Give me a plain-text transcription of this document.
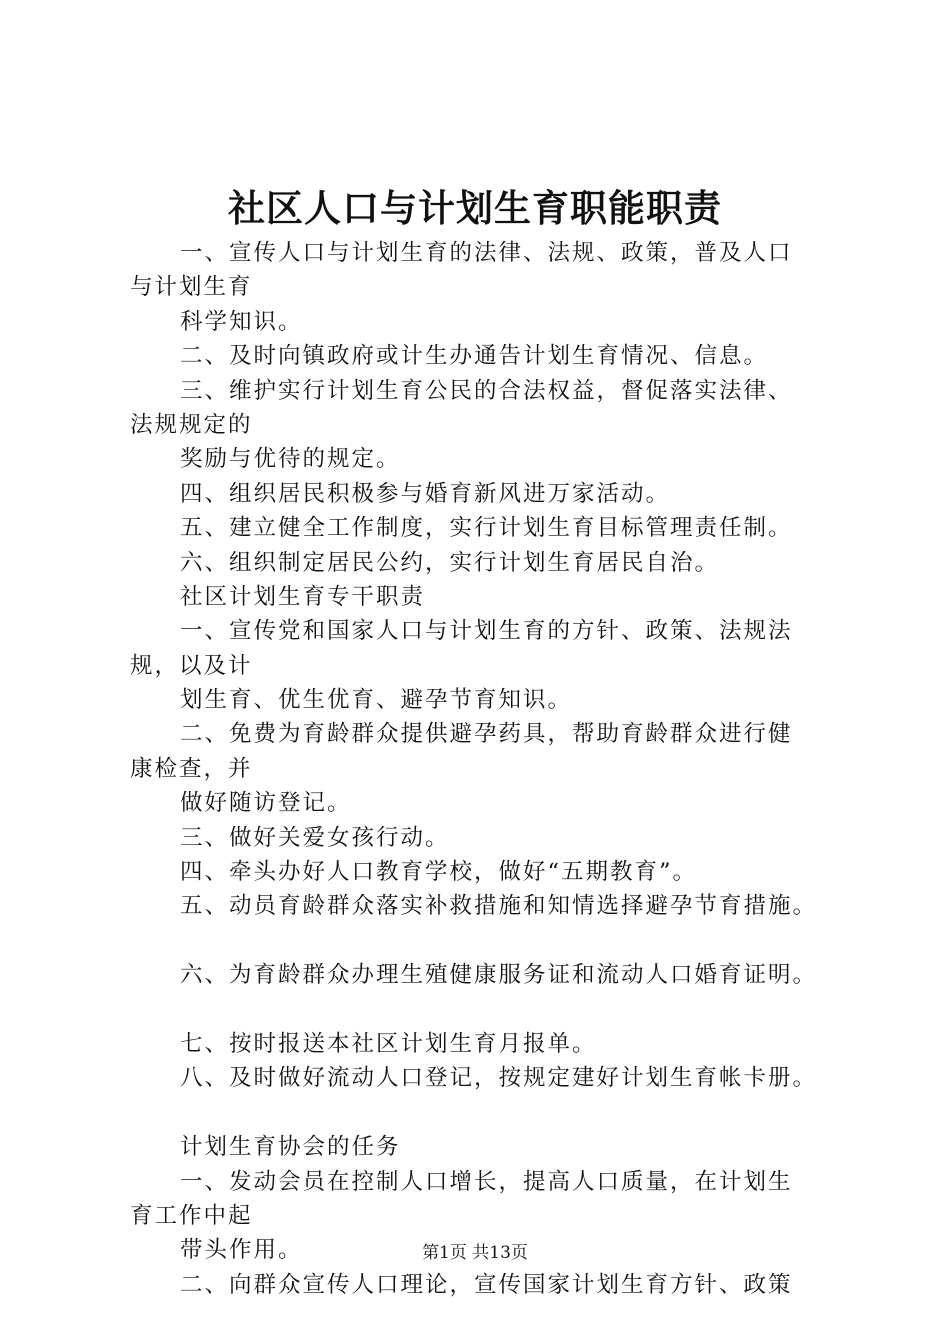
社区人口与计划生育职能职责
一、宣传人口与计划生育的法律、法规、政策，普及人口
与计划生育
科学知识。
二、及时向镇政府或计生办通告计划生育情况、信息。
三、维护实行计划生育公民的合法权益，督促落实法律、
法规规定的
奖励与优待的规定。
四、组织居民积极参与婚育新风进万家活动。
五、建立健全工作制度，实行计划生育目标管理责任制。
六、组织制定居民公约，实行计划生育居民自治。
社区计划生育专干职责
一、宣传党和国家人口与计划生育的方针、政策、法规法
规，以及计
划生育、优生优育、避孕节育知识。
二、免费为育龄群众提供避孕药具，帮助育龄群众进行健
康检查，并
做好随访登记。
三、做好关爱女孩行动。
四、牵头办好人口教育学校，做好“五期教育”。
五、动员育龄群众落实补救措施和知情选择避孕节育措施。
六、为育龄群众办理生殖健康服务证和流动人口婚育证明。
七、按时报送本社区计划生育月报单。
八、及时做好流动人口登记，按规定建好计划生育帐卡册。
计划生育协会的任务
一、发动会员在控制人口增长，提高人口质量，在计划生
育工作中起
带头作用。
二、向群众宣传人口理论，宣传国家计划生育方针、政策
第1页 共13页
